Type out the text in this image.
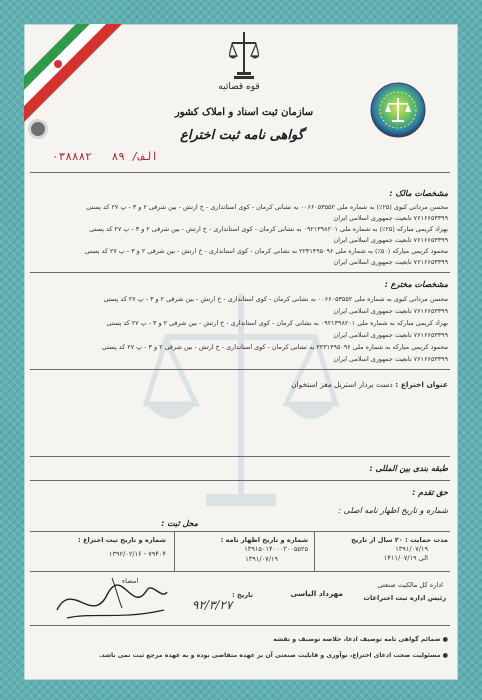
قوه قضائیه
سازمان ثبت اسناد و املاک کشور
گواهی نامه ثبت اختراع
الف/ ۸۹   ۰۳۸۸۸۲
مشخصات مالک :
محسن مردانی کبوی (۲۵٪) به شماره ملی ۰۰۶۶۰۵۳۵۵۲ به نشانی کرمان - کوی استانداری - خ ارتش - بین شرقی ۲ و ۳ - پ ۲۷ کد پستی
۷۶۱۶۶۵۳۳۹۹ تابعیت جمهوری اسلامی ایران
بهزاد کریمی مبارکه (۲۵٪) به شماره ملی ۰۹۲۱۳۹۸۲۰۱ به نشانی کرمان - کوی استانداری - خ ارتش - بین شرقی ۲ و ۳ - پ ۲۷ کد پستی
۷۶۱۶۶۵۳۳۹۹ تابعیت جمهوری اسلامی ایران
محمود کریمی مبارکه (۵۰٪) به شماره ملی ۲۲۳۱۴۹۵۰۹۶ به نشانی کرمان - کوی استانداری - خ ارتش - بین شرقی ۲ و ۳ - پ ۲۷ کد پستی
۷۶۱۶۶۵۳۳۹۹ تابعیت جمهوری اسلامی ایران
مشخصات مخترع :
محسن مردانی کبوی به شماره ملی ۰۰۶۶۰۵۳۵۵۲ به نشانی کرمان - کوی استانداری - خ ارتش - بین شرقی ۲ و ۳ - پ ۲۷ کد پستی
۷۶۱۶۶۵۳۳۹۹ تابعیت جمهوری اسلامی ایران
بهزاد کریمی مبارکه به شماره ملی ۰۹۲۱۳۹۸۲۰۱ به نشانی کرمان - کوی استانداری - خ ارتش - بین شرقی ۲ و ۳ - پ ۲۷ کد پستی
۷۶۱۶۶۵۳۳۹۹ تابعیت جمهوری اسلامی ایران
محمود کریمی مبارکه به شماره ملی ۲۲۳۱۴۹۵۰۹۶ به نشانی کرمان - کوی استانداری - خ ارتش - بین شرقی ۲ و ۳ - پ ۲۷ کد پستی
۷۶۱۶۶۵۳۳۹۹ تابعیت جمهوری اسلامی ایران
عنوان اختراع : دست بردار استریل مغز استخوان
طبقه بندی بین المللی :
حق تقدم :
شماره و تاریخ اظهار نامه اصلی :
محل ثبت :
مدت حمایت : ۲۰ سال از تاریخ
۱۳۹۱/۰۷/۱۹
الی ۱۴۱۱/۰۷/۱۹
شماره و تاریخ اظهار نامه :
۱۳۹۱۵۰۱۴۰۰۰۳۰۰۵۵۲۵
۱۳۹۱/۰۷/۱۹
شماره و تاریخ ثبت اختراع :
۷۹۴۰۴ - ۱۳۹۲/۰۲/۱۶
امضاء
۹۲/۳/۲۷
تاریخ :	مهرداد الیاسی
اداره کل مالکیت صنعتی
رئیس اداره ثبت اختراعات
● ضمائم گواهی نامه توصیف ادعا، خلاصه توصیف و نقشه
● مسئولیت صحت ادعای اختراع، نوآوری و قابلیت صنعتی آن بر عهده متقاضی بوده و به عهده مرجع ثبت نمی باشد.
